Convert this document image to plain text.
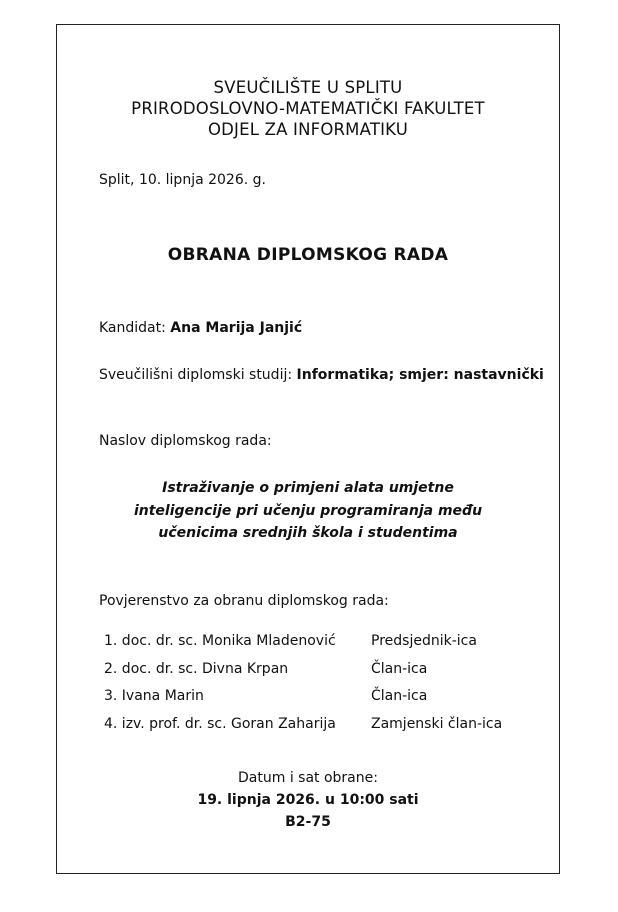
SVEUČILIŠTE U SPLITU
PRIRODOSLOVNO-MATEMATIČKI FAKULTET
ODJEL ZA INFORMATIKU
Split, 10. lipnja 2026. g.
OBRANA DIPLOMSKOG RADA
Kandidat: Ana Marija Janjić
Sveučilišni diplomski studij: Informatika; smjer: nastavnički
Naslov diplomskog rada:
Istraživanje o primjeni alata umjetne inteligencije pri učenju programiranja među učenicima srednjih škola i studentima
Povjerenstvo za obranu diplomskog rada:
1. doc. dr. sc. Monika Mladenović	Predsjednik-ica
2. doc. dr. sc. Divna Krpan	Član-ica
3. Ivana Marin	Član-ica
4. izv. prof. dr. sc. Goran Zaharija	Zamjenski član-ica
Datum i sat obrane:
19. lipnja 2026. u 10:00 sati
B2-75
